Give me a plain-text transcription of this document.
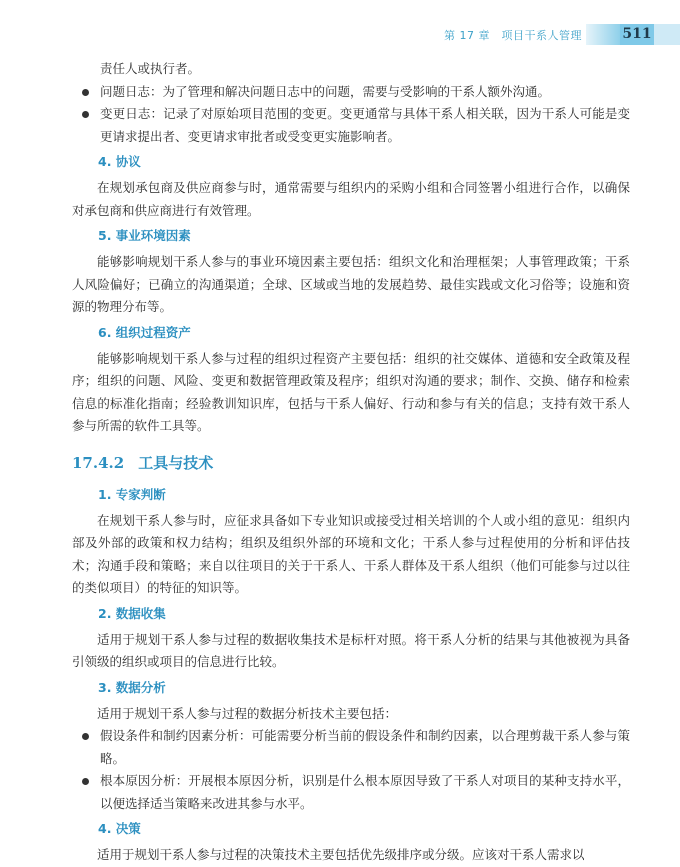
第 17 章　项目干系人管理	511

责任人或执行者。

问题日志：为了管理和解决问题日志中的问题，需要与受影响的干系人额外沟通。
变更日志：记录了对原始项目范围的变更。变更通常与具体干系人相关联，因为干系人可能是变更请求提出者、变更请求审批者或受变更实施影响者。
4. 协议

在规划承包商及供应商参与时，通常需要与组织内的采购小组和合同签署小组进行合作，以确保对承包商和供应商进行有效管理。

5. 事业环境因素

能够影响规划干系人参与的事业环境因素主要包括：组织文化和治理框架；人事管理政策；干系人风险偏好；已确立的沟通渠道；全球、区域或当地的发展趋势、最佳实践或文化习俗等；设施和资源的物理分布等。

6. 组织过程资产

能够影响规划干系人参与过程的组织过程资产主要包括：组织的社交媒体、道德和安全政策及程序；组织的问题、风险、变更和数据管理政策及程序；组织对沟通的要求；制作、交换、储存和检索信息的标准化指南；经验教训知识库，包括与干系人偏好、行动和参与有关的信息；支持有效干系人参与所需的软件工具等。

17.4.2 工具与技术
1. 专家判断

在规划干系人参与时，应征求具备如下专业知识或接受过相关培训的个人或小组的意见：组织内部及外部的政策和权力结构；组织及组织外部的环境和文化；干系人参与过程使用的分析和评估技术；沟通手段和策略；来自以往项目的关于干系人、干系人群体及干系人组织（他们可能参与过以往的类似项目）的特征的知识等。

2. 数据收集

适用于规划干系人参与过程的数据收集技术是标杆对照。将干系人分析的结果与其他被视为具备引领级的组织或项目的信息进行比较。

3. 数据分析

适用于规划干系人参与过程的数据分析技术主要包括：

假设条件和制约因素分析：可能需要分析当前的假设条件和制约因素，以合理剪裁干系人参与策略。
根本原因分析：开展根本原因分析，识别是什么根本原因导致了干系人对项目的某种支持水平，以便选择适当策略来改进其参与水平。
4. 决策

适用于规划干系人参与过程的决策技术主要包括优先级排序或分级。应该对干系人需求以
